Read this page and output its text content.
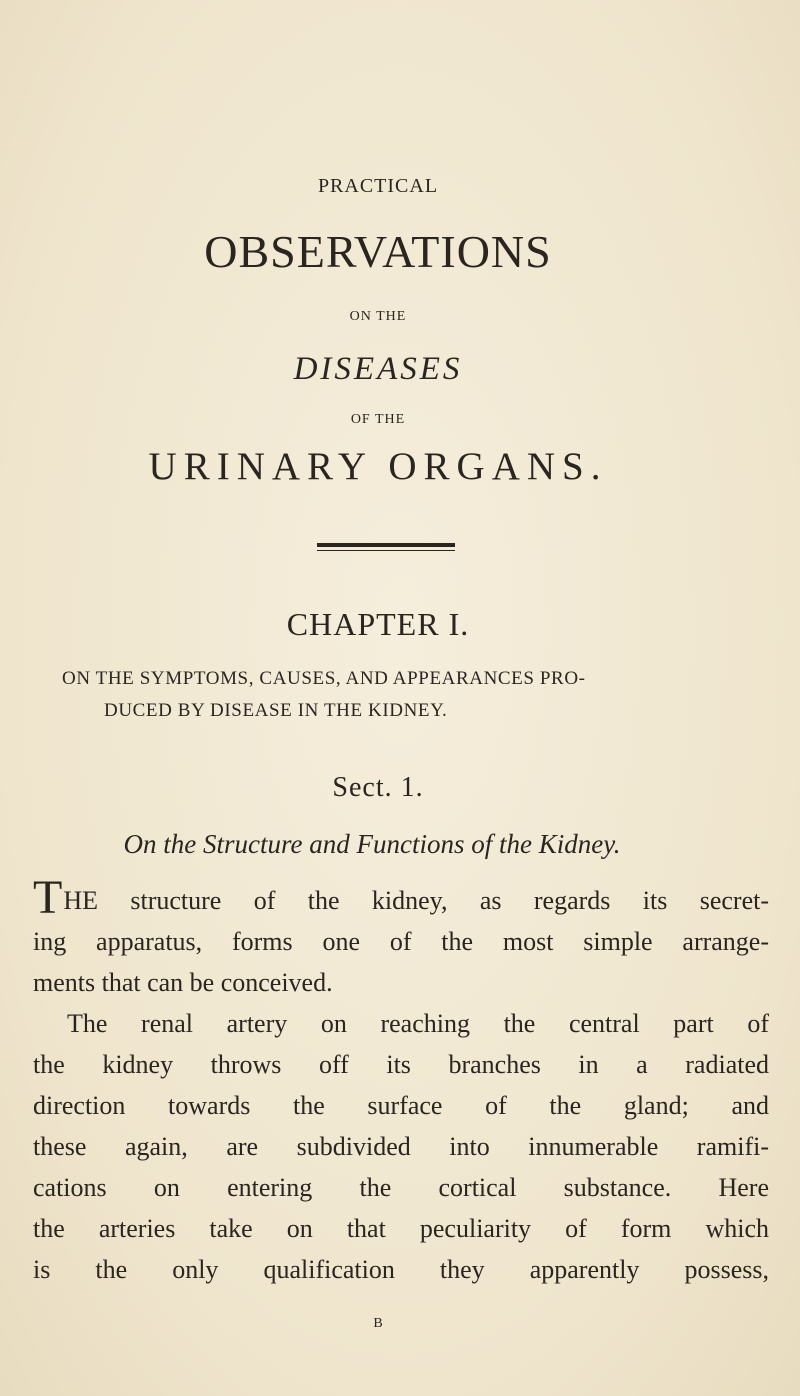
PRACTICAL
OBSERVATIONS
ON THE
DISEASES
OF THE
URINARY ORGANS.
CHAPTER I.
ON THE SYMPTOMS, CAUSES, AND APPEARANCES PRO-
DUCED BY DISEASE IN THE KIDNEY.
Sect. 1.
On the Structure and Functions of the Kidney.
THE structure of the kidney, as regards its secret-
ing apparatus, forms one of the most simple arrange-
ments that can be conceived.
The renal artery on reaching the central part of
the kidney throws off its branches in a radiated
direction towards the surface of the gland; and
these again, are subdivided into innumerable ramifi-
cations on entering the cortical substance. Here
the arteries take on that peculiarity of form which
is the only qualification they apparently possess,
B
